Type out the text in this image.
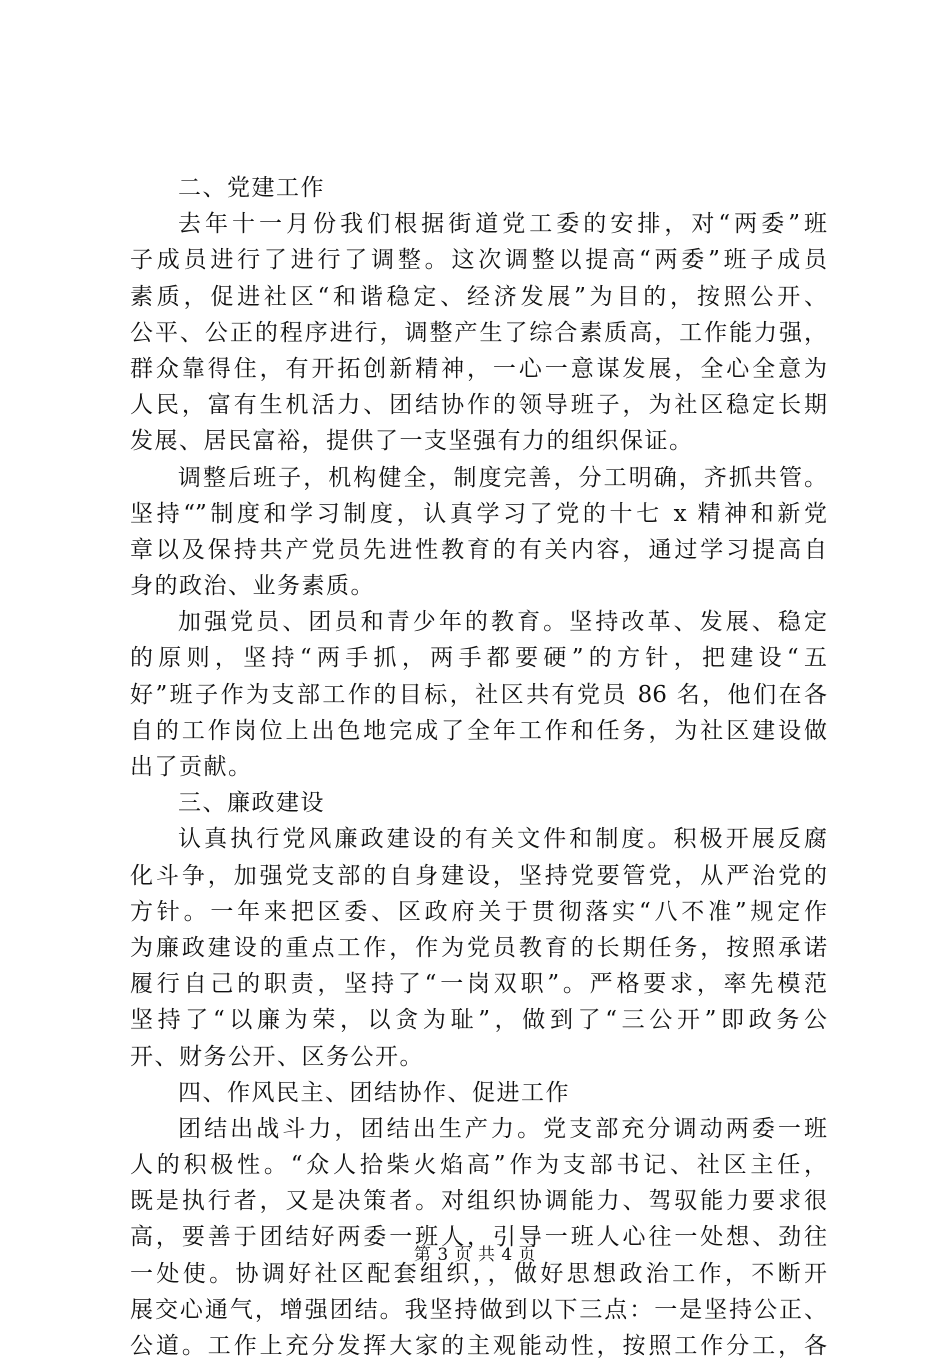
二、党建工作
去年十一月份我们根据街道党工委的安排，对“两委”班
子成员进行了进行了调整。这次调整以提高“两委”班子成员
素质，促进社区“和谐稳定、经济发展”为目的，按照公开、
公平、公正的程序进行，调整产生了综合素质高，工作能力强，
群众靠得住，有开拓创新精神，一心一意谋发展，全心全意为
人民，富有生机活力、团结协作的领导班子，为社区稳定长期
发展、居民富裕，提供了一支坚强有力的组织保证。
调整后班子，机构健全，制度完善，分工明确，齐抓共管。
坚持“”制度和学习制度，认真学习了党的十七 x 精神和新党
章以及保持共产党员先进性教育的有关内容，通过学习提高自
身的政治、业务素质。
加强党员、团员和青少年的教育。坚持改革、发展、稳定
的原则，坚持“两手抓，两手都要硬”的方针，把建设“五
好”班子作为支部工作的目标，社区共有党员 86 名，他们在各
自的工作岗位上出色地完成了全年工作和任务，为社区建设做
出了贡献。
三、廉政建设
认真执行党风廉政建设的有关文件和制度。积极开展反腐
化斗争，加强党支部的自身建设，坚持党要管党，从严治党的
方针。一年来把区委、区政府关于贯彻落实“八不准”规定作
为廉政建设的重点工作，作为党员教育的长期任务，按照承诺
履行自己的职责，坚持了“一岗双职”。严格要求，率先模范
坚持了“以廉为荣，以贪为耻”，做到了“三公开”即政务公
开、财务公开、区务公开。
四、作风民主、团结协作、促进工作
团结出战斗力，团结出生产力。党支部充分调动两委一班
人的积极性。“众人拾柴火焰高”作为支部书记、社区主任，
既是执行者，又是决策者。对组织协调能力、驾驭能力要求很
高，要善于团结好两委一班人，引导一班人心往一处想、劲往
一处使。协调好社区配套组织，，做好思想政治工作，不断开
展交心通气，增强团结。我坚持做到以下三点：一是坚持公正、
公道。工作上充分发挥大家的主观能动性，按照工作分工，各
第 3 页 共 4 页
